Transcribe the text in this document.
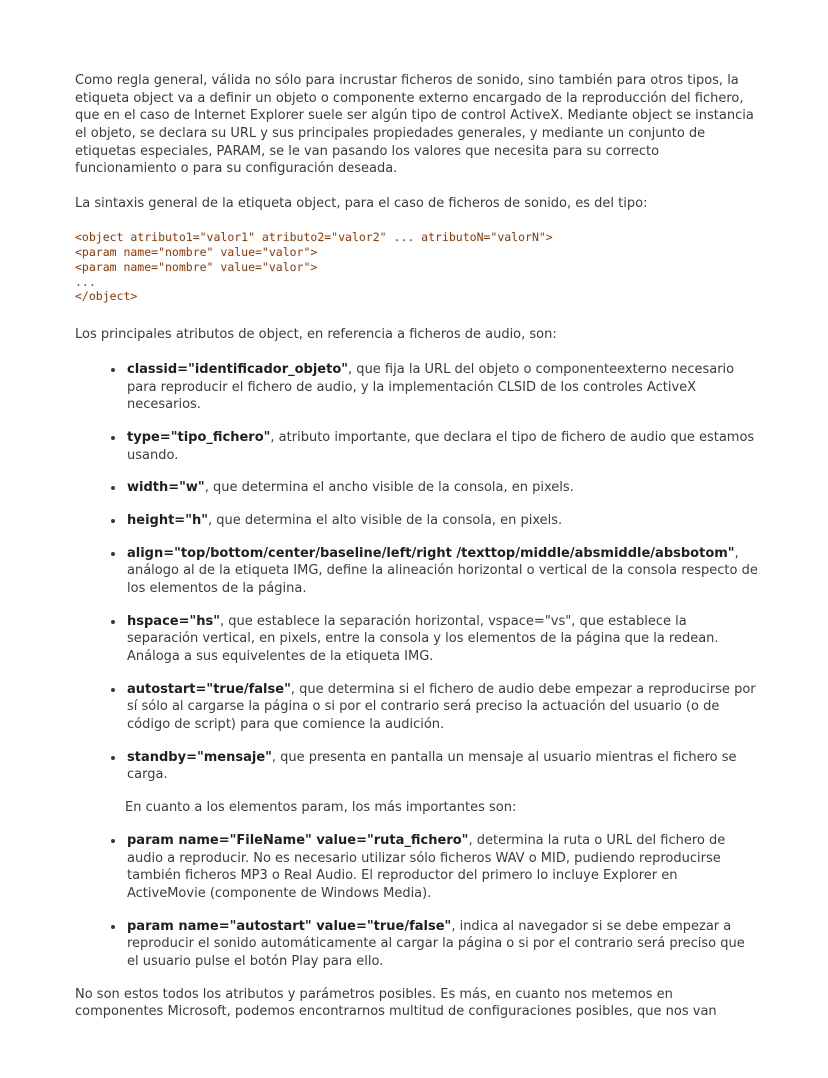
Como regla general, válida no sólo para incrustar ficheros de sonido, sino también para otros tipos, la etiqueta object va a definir un objeto o componente externo encargado de la reproducción del fichero, que en el caso de Internet Explorer suele ser algún tipo de control ActiveX. Mediante object se instancia el objeto, se declara su URL y sus principales propiedades generales, y mediante un conjunto de etiquetas especiales, PARAM, se le van pasando los valores que necesita para su correcto funcionamiento o para su configuración deseada.

La sintaxis general de la etiqueta object, para el caso de ficheros de sonido, es del tipo:

<object atributo1="valor1" atributo2="valor2" ... atributoN="valorN">
<param name="nombre" value="valor">
<param name="nombre" value="valor">
...
</object>

Los principales atributos de object, en referencia a ficheros de audio, son:

• classid="identificador_objeto", que fija la URL del objeto o componenteexterno necesario para reproducir el fichero de audio, y la implementación CLSID de los controles ActiveX necesarios.
• type="tipo_fichero", atributo importante, que declara el tipo de fichero de audio que estamos usando.
• width="w", que determina el ancho visible de la consola, en pixels.
• height="h", que determina el alto visible de la consola, en pixels.
• align="top/bottom/center/baseline/left/right /texttop/middle/absmiddle/absbotom", análogo al de la etiqueta IMG, define la alineación horizontal o vertical de la consola respecto de los elementos de la página.
• hspace="hs", que establece la separación horizontal, vspace="vs", que establece la separación vertical, en pixels, entre la consola y los elementos de la página que la redean. Análoga a sus equivelentes de la etiqueta IMG.
• autostart="true/false", que determina si el fichero de audio debe empezar a reproducirse por sí sólo al cargarse la página o si por el contrario será preciso la actuación del usuario (o de código de script) para que comience la audición.
• standby="mensaje", que presenta en pantalla un mensaje al usuario mientras el fichero se carga.
En cuanto a los elementos param, los más importantes son:
• param name="FileName" value="ruta_fichero", determina la ruta o URL del fichero de audio a reproducir. No es necesario utilizar sólo ficheros WAV o MID, pudiendo reproducirse también ficheros MP3 o Real Audio. El reproductor del primero lo incluye Explorer en ActiveMovie (componente de Windows Media).
• param name="autostart" value="true/false", indica al navegador si se debe empezar a reproducir el sonido automáticamente al cargar la página o si por el contrario será preciso que el usuario pulse el botón Play para ello.

No son estos todos los atributos y parámetros posibles. Es más, en cuanto nos metemos en componentes Microsoft, podemos encontrarnos multitud de configuraciones posibles, que nos van
